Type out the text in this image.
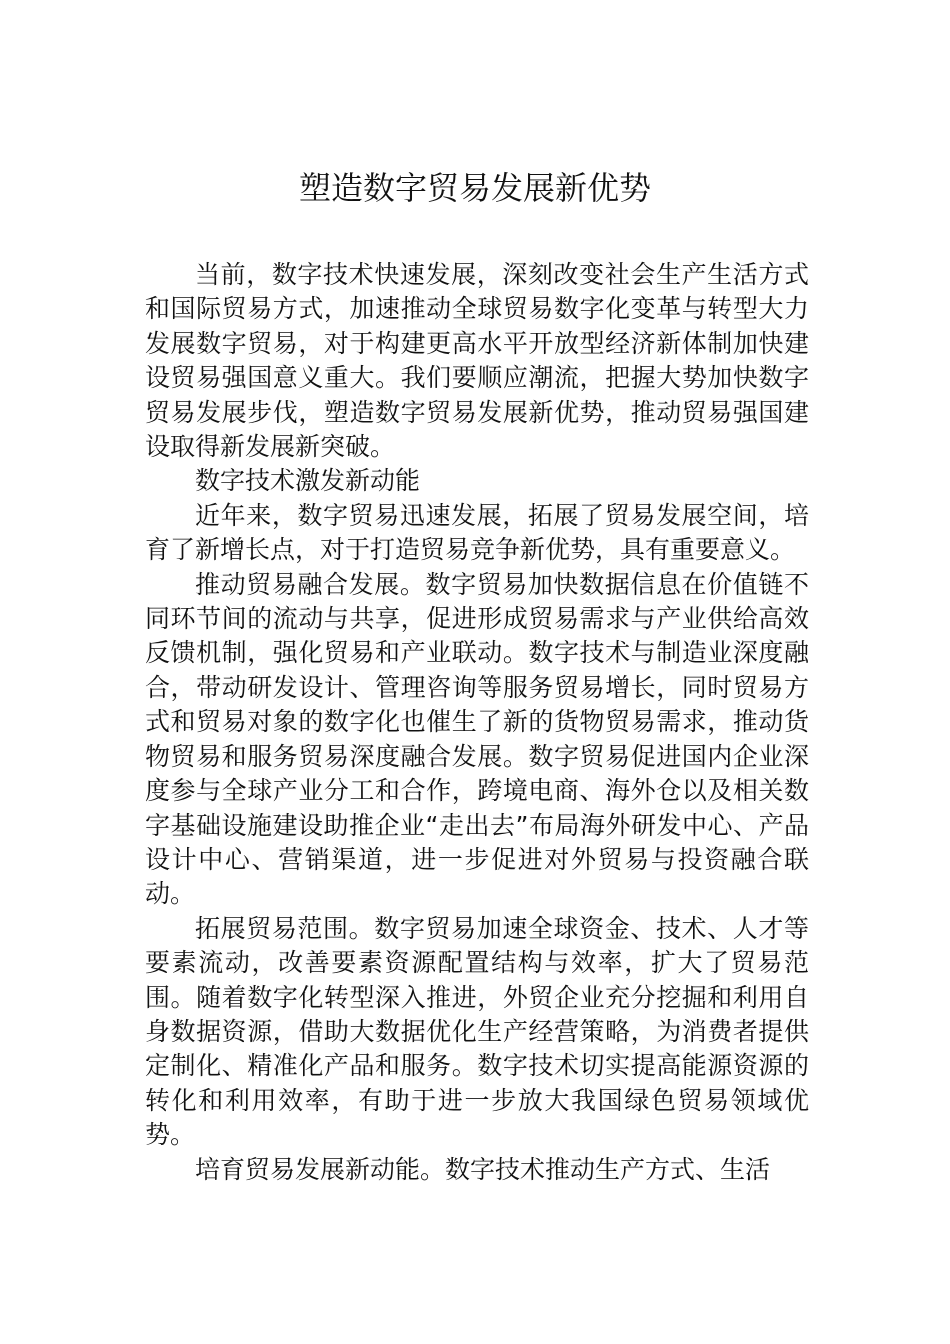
塑造数字贸易发展新优势

当前，数字技术快速发展，深刻改变社会生产生活方式和国际贸易方式，加速推动全球贸易数字化变革与转型大力发展数字贸易，对于构建更高水平开放型经济新体制加快建设贸易强国意义重大。我们要顺应潮流，把握大势加快数字贸易发展步伐，塑造数字贸易发展新优势，推动贸易强国建设取得新发展新突破。

数字技术激发新动能

近年来，数字贸易迅速发展，拓展了贸易发展空间，培育了新增长点，对于打造贸易竞争新优势，具有重要意义。

推动贸易融合发展。数字贸易加快数据信息在价值链不同环节间的流动与共享，促进形成贸易需求与产业供给高效反馈机制，强化贸易和产业联动。数字技术与制造业深度融合，带动研发设计、管理咨询等服务贸易增长，同时贸易方式和贸易对象的数字化也催生了新的货物贸易需求，推动货物贸易和服务贸易深度融合发展。数字贸易促进国内企业深度参与全球产业分工和合作，跨境电商、海外仓以及相关数字基础设施建设助推企业“走出去”布局海外研发中心、产品设计中心、营销渠道，进一步促进对外贸易与投资融合联动。

拓展贸易范围。数字贸易加速全球资金、技术、人才等要素流动，改善要素资源配置结构与效率，扩大了贸易范围。随着数字化转型深入推进，外贸企业充分挖掘和利用自身数据资源，借助大数据优化生产经营策略，为消费者提供定制化、精准化产品和服务。数字技术切实提高能源资源的转化和利用效率，有助于进一步放大我国绿色贸易领域优势。

培育贸易发展新动能。数字技术推动生产方式、生活
